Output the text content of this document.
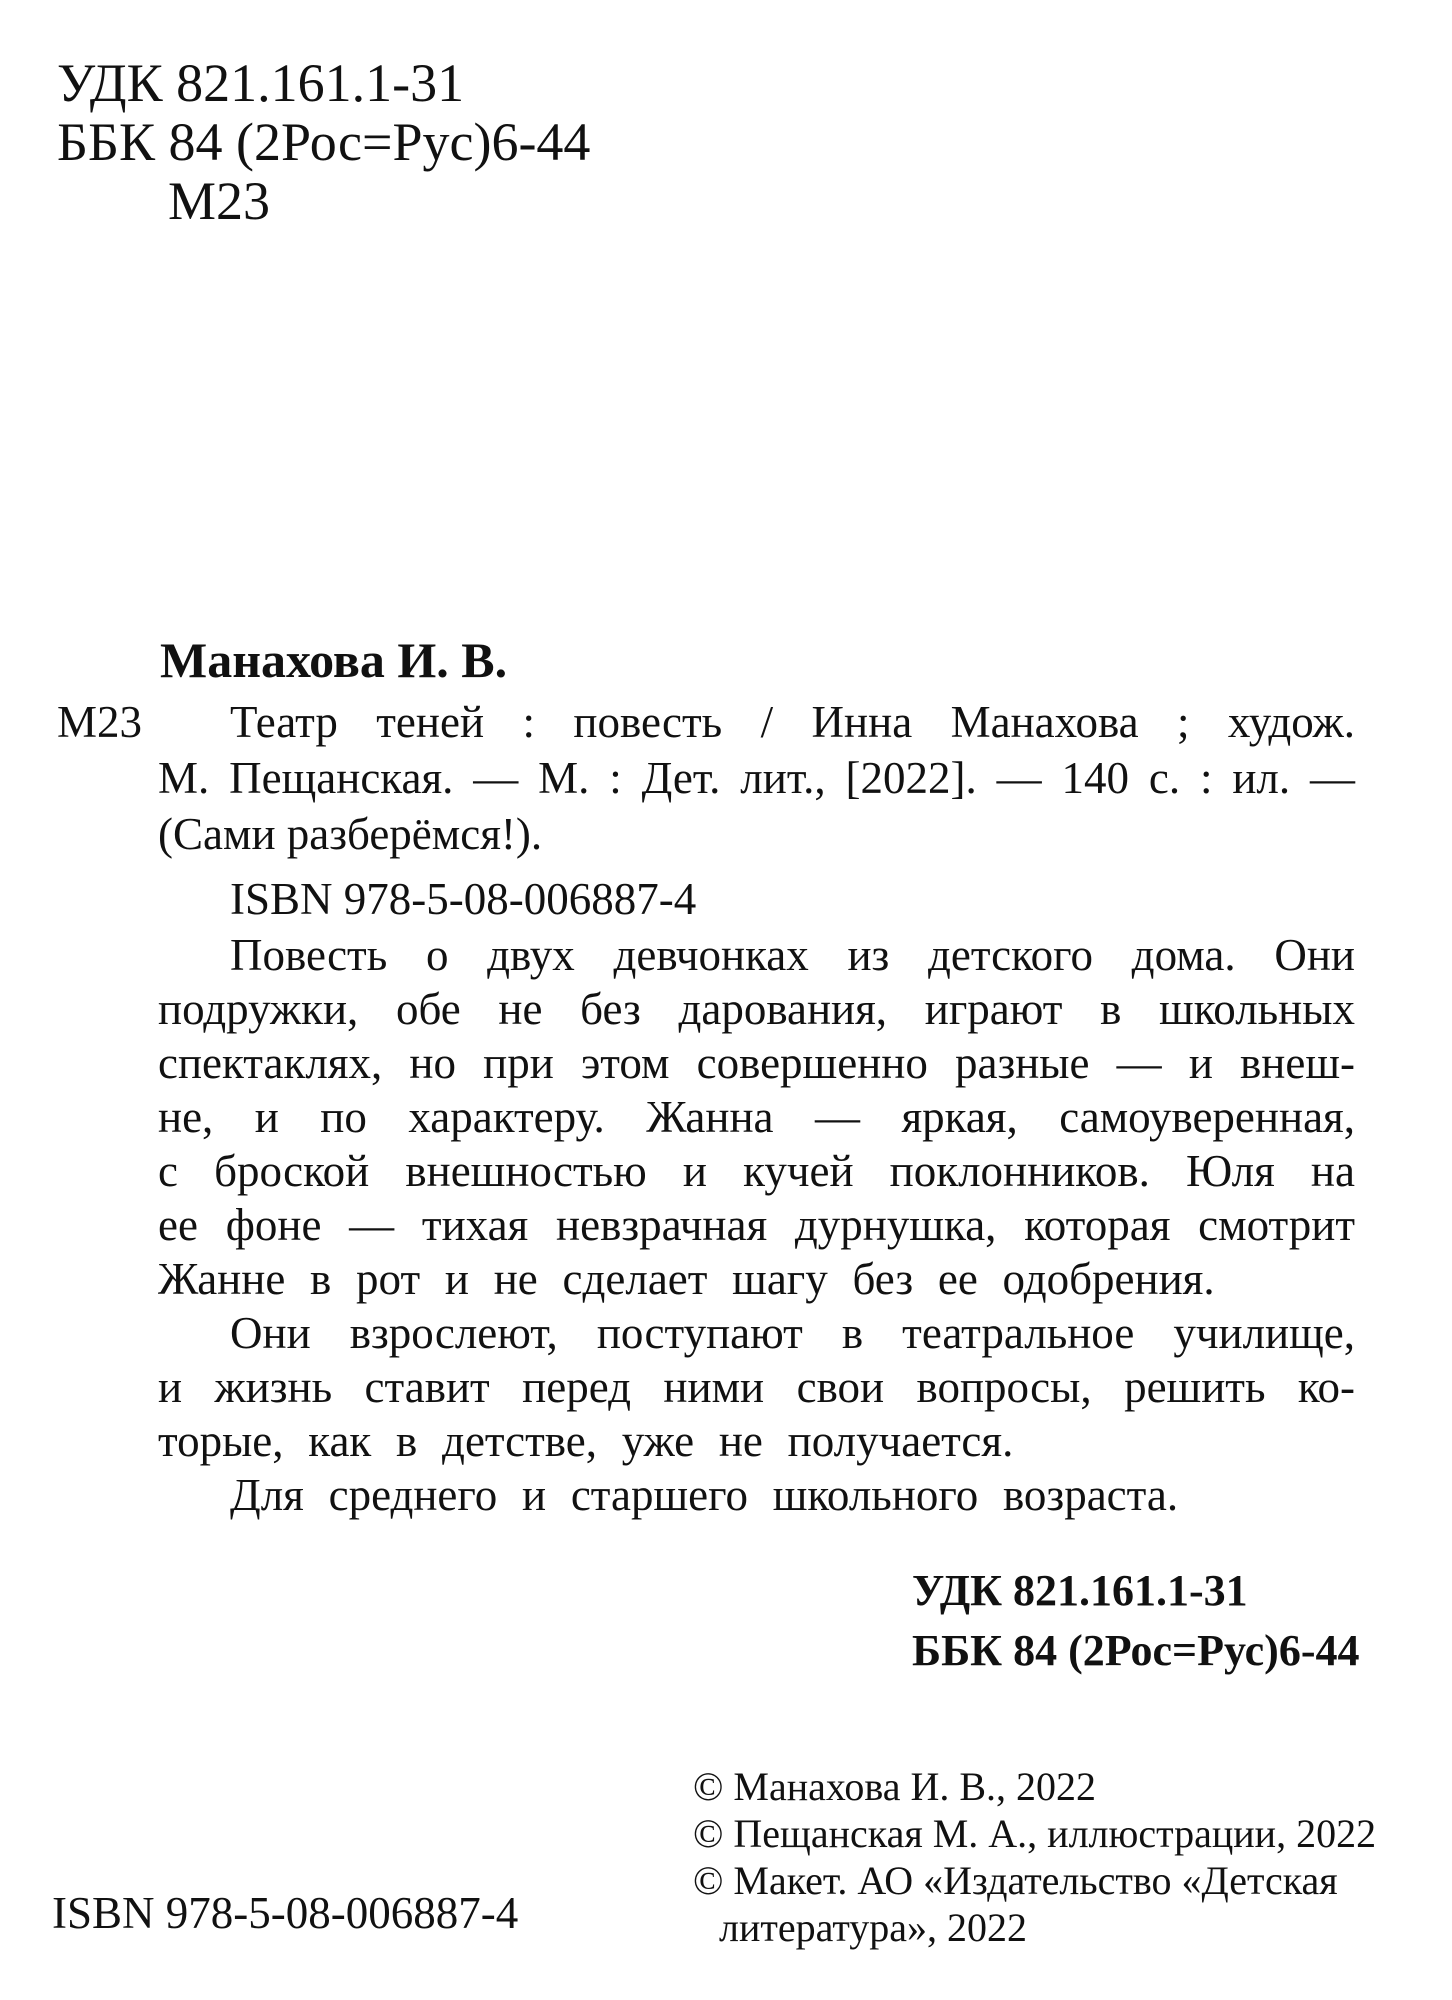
УДК 821.161.1-31
ББК 84 (2Рос=Рус)6-44
М23
Манахова И. В.
М23 Театр теней : повесть / Инна Манахова ; худож.
М. Пещанская. — М. : Дет. лит., [2022]. — 140 с. : ил. —
(Сами разберёмся!).
ISBN 978-5-08-006887-4
Повесть о двух девчонках из детского дома. Они
подружки, обе не без дарования, играют в школьных
спектаклях, но при этом совершенно разные — и внеш-
не, и по характеру. Жанна — яркая, самоуверенная,
с броской внешностью и кучей поклонников. Юля на
ее фоне — тихая невзрачная дурнушка, которая смотрит
Жанне в рот и не сделает шагу без ее одобрения.
Они взрослеют, поступают в театральное училище,
и жизнь ставит перед ними свои вопросы, решить ко-
торые, как в детстве, уже не получается.
Для среднего и старшего школьного возраста.
УДК 821.161.1-31
ББК 84 (2Рос=Рус)6-44
© Манахова И. В., 2022
© Пещанская М. А., иллюстрации, 2022
© Макет. АО «Издательство «Детская
литература», 2022
ISBN 978-5-08-006887-4
